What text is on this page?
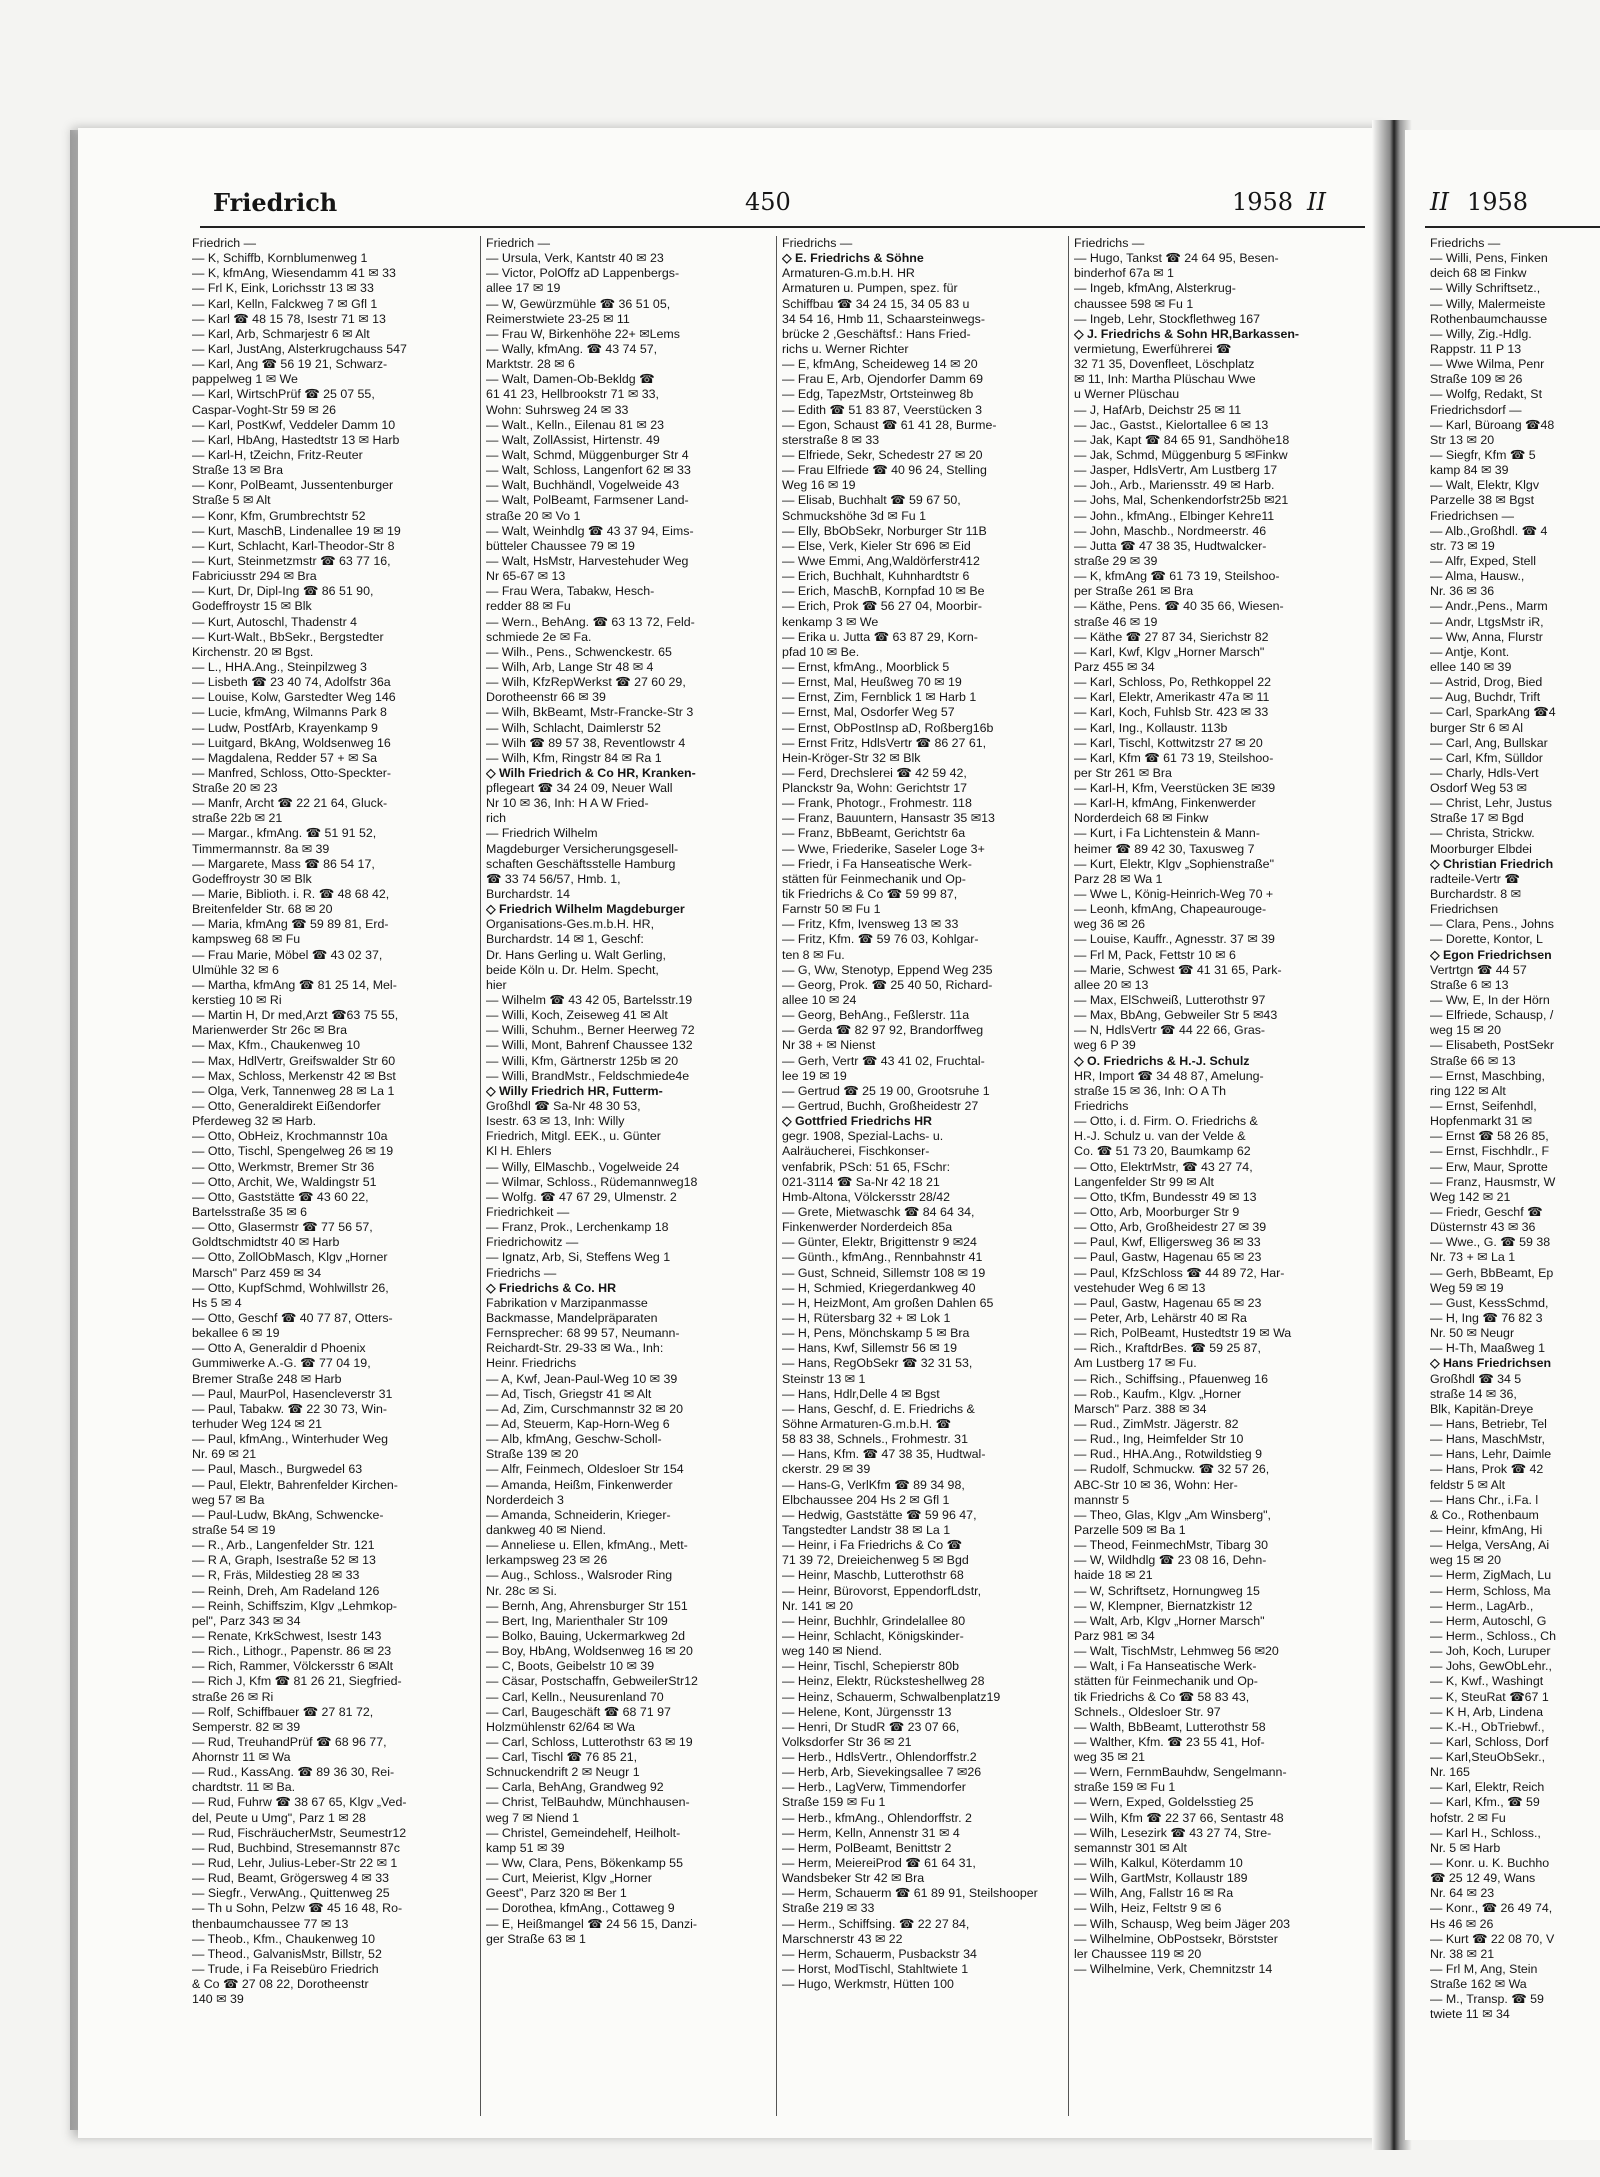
Friedrich	450	1958 II	II 1958
Friedrich —
— K, Schiffb, Kornblumenweg 1
— K, kfmAng, Wiesendamm 41 ✉ 33
— Frl K, Eink, Lorichsstr 13 ✉ 33
— Karl, Kelln, Falckweg 7 ✉ Gfl 1
— Karl ☎ 48 15 78, Isestr 71 ✉ 13
— Karl, Arb, Schmarjestr 6 ✉ Alt
— Karl, JustAng, Alsterkrugchauss 547
— Karl, Ang ☎ 56 19 21, Schwarz-
pappelweg 1 ✉ We
— Karl, WirtschPrüf ☎ 25 07 55,
Caspar-Voght-Str 59 ✉ 26
— Karl, PostKwf, Veddeler Damm 10
— Karl, HbAng, Hastedtstr 13 ✉ Harb
— Karl-H, tZeichn, Fritz-Reuter
Straße 13 ✉ Bra
— Konr, PolBeamt, Jussentenburger
Straße 5 ✉ Alt
— Konr, Kfm, Grumbrechtstr 52
— Kurt, MaschB, Lindenallee 19 ✉ 19
— Kurt, Schlacht, Karl-Theodor-Str 8
— Kurt, Steinmetzmstr ☎ 63 77 16,
Fabriciusstr 294 ✉ Bra
— Kurt, Dr, Dipl-Ing ☎ 86 51 90,
Godeffroystr 15 ✉ Blk
— Kurt, Autoschl, Thadenstr 4
— Kurt-Walt., BbSekr., Bergstedter
Kirchenstr. 20 ✉ Bgst.
— L., HHA.Ang., Steinpilzweg 3
— Lisbeth ☎ 23 40 74, Adolfstr 36a
— Louise, Kolw, Garstedter Weg 146
— Lucie, kfmAng, Wilmanns Park 8
— Ludw, PostfArb, Krayenkamp 9
— Luitgard, BkAng, Woldsenweg 16
— Magdalena, Redder 57 + ✉ Sa
— Manfred, Schloss, Otto-Speckter-
Straße 20 ✉ 23
— Manfr, Archt ☎ 22 21 64, Gluck-
straße 22b ✉ 21
— Margar., kfmAng. ☎ 51 91 52,
Timmermannstr. 8a ✉ 39
— Margarete, Mass ☎ 86 54 17,
Godeffroystr 30 ✉ Blk
— Marie, Biblioth. i. R. ☎ 48 68 42,
Breitenfelder Str. 68 ✉ 20
— Maria, kfmAng ☎ 59 89 81, Erd-
kampsweg 68 ✉ Fu
— Frau Marie, Möbel ☎ 43 02 37,
Ulmühle 32 ✉ 6
— Martha, kfmAng ☎ 81 25 14, Mel-
kerstieg 10 ✉ Ri
— Martin H, Dr med,Arzt ☎63 75 55,
Marienwerder Str 26c ✉ Bra
— Max, Kfm., Chaukenweg 10
— Max, HdlVertr, Greifswalder Str 60
— Max, Schloss, Merkenstr 42 ✉ Bst
— Olga, Verk, Tannenweg 28 ✉ La 1
— Otto, Generaldirekt Eißendorfer
Pferdeweg 32 ✉ Harb.
— Otto, ObHeiz, Krochmannstr 10a
— Otto, Tischl, Spengelweg 26 ✉ 19
— Otto, Werkmstr, Bremer Str 36
— Otto, Archit, We, Waldingstr 51
— Otto, Gaststätte ☎ 43 60 22,
Bartelsstraße 35 ✉ 6
— Otto, Glasermstr ☎ 77 56 57,
Goldtschmidtstr 40 ✉ Harb
— Otto, ZollObMasch, Klgv „Horner
Marsch" Parz 459 ✉ 34
— Otto, KupfSchmd, Wohlwillstr 26,
Hs 5 ✉ 4
— Otto, Geschf ☎ 40 77 87, Otters-
bekallee 6 ✉ 19
— Otto A, Generaldir d Phoenix
Gummiwerke A.-G. ☎ 77 04 19,
Bremer Straße 248 ✉ Harb
— Paul, MaurPol, Hasencleverstr 31
— Paul, Tabakw. ☎ 22 30 73, Win-
terhuder Weg 124 ✉ 21
— Paul, kfmAng., Winterhuder Weg
Nr. 69 ✉ 21
— Paul, Masch., Burgwedel 63
— Paul, Elektr, Bahrenfelder Kirchen-
weg 57 ✉ Ba
— Paul-Ludw, BkAng, Schwencke-
straße 54 ✉ 19
— R., Arb., Langenfelder Str. 121
— R A, Graph, Isestraße 52 ✉ 13
— R, Fräs, Mildestieg 28 ✉ 33
— Reinh, Dreh, Am Radeland 126
— Reinh, Schiffszim, Klgv „Lehmkop-
pel", Parz 343 ✉ 34
— Renate, KrkSchwest, Isestr 143
— Rich., Lithogr., Papenstr. 86 ✉ 23
— Rich, Rammer, Völckersstr 6 ✉Alt
— Rich J, Kfm ☎ 81 26 21, Siegfried-
straße 26 ✉ Ri
— Rolf, Schiffbauer ☎ 27 81 72,
Semperstr. 82 ✉ 39
— Rud, TreuhandPrüf ☎ 68 96 77,
Ahornstr 11 ✉ Wa
— Rud., KassAng. ☎ 89 36 30, Rei-
chardtstr. 11 ✉ Ba.
— Rud, Fuhrw ☎ 38 67 65, Klgv „Ved-
del, Peute u Umg", Parz 1 ✉ 28
— Rud, FischräucherMstr, Seumestr12
— Rud, Buchbind, Stresemannstr 87c
— Rud, Lehr, Julius-Leber-Str 22 ✉ 1
— Rud, Beamt, Grögersweg 4 ✉ 33
— Siegfr., VerwAng., Quittenweg 25
— Th u Sohn, Pelzw ☎ 45 16 48, Ro-
thenbaumchaussee 77 ✉ 13
— Theob., Kfm., Chaukenweg 10
— Theod., GalvanisMstr, Billstr, 52
— Trude, i Fa Reisebüro Friedrich
& Co ☎ 27 08 22, Dorotheenstr
140 ✉ 39
Friedrich —
— Ursula, Verk, Kantstr 40 ✉ 23
— Victor, PolOffz aD Lappenbergs-
allee 17 ✉ 19
— W, Gewürzmühle ☎ 36 51 05,
Reimerstwiete 23-25 ✉ 11
— Frau W, Birkenhöhe 22+ ✉Lems
— Wally, kfmAng. ☎ 43 74 57,
Marktstr. 28 ✉ 6
— Walt, Damen-Ob-Bekldg ☎
61 41 23, Hellbrookstr 71 ✉ 33,
Wohn: Suhrsweg 24 ✉ 33
— Walt., Kelln., Eilenau 81 ✉ 23
— Walt, ZollAssist, Hirtenstr. 49
— Walt, Schmd, Müggenburger Str 4
— Walt, Schloss, Langenfort 62 ✉ 33
— Walt, Buchhändl, Vogelweide 43
— Walt, PolBeamt, Farmsener Land-
straße 20 ✉ Vo 1
— Walt, Weinhdlg ☎ 43 37 94, Eims-
bütteler Chaussee 79 ✉ 19
— Walt, HsMstr, Harvestehuder Weg
Nr 65-67 ✉ 13
— Frau Wera, Tabakw, Hesch-
redder 88 ✉ Fu
— Wern., BehAng. ☎ 63 13 72, Feld-
schmiede 2e ✉ Fa.
— Wilh., Pens., Schwenckestr. 65
— Wilh, Arb, Lange Str 48 ✉ 4
— Wilh, KfzRepWerkst ☎ 27 60 29,
Dorotheenstr 66 ✉ 39
— Wilh, BkBeamt, Mstr-Francke-Str 3
— Wilh, Schlacht, Daimlerstr 52
— Wilh ☎ 89 57 38, Reventlowstr 4
— Wilh, Kfm, Ringstr 84 ✉ Ra 1
◇ Wilh Friedrich & Co HR, Kranken-
pflegeart ☎ 34 24 09, Neuer Wall
Nr 10 ✉ 36, Inh: H A W Fried-
rich
— Friedrich Wilhelm
Magdeburger Versicherungsgesell-
schaften Geschäftsstelle Hamburg
☎ 33 74 56/57, Hmb. 1,
Burchardstr. 14
◇ Friedrich Wilhelm Magdeburger
Organisations-Ges.m.b.H. HR,
Burchardstr. 14 ✉ 1, Geschf:
Dr. Hans Gerling u. Walt Gerling,
beide Köln u. Dr. Helm. Specht,
hier
— Wilhelm ☎ 43 42 05, Bartelsstr.19
— Willi, Koch, Zeiseweg 41 ✉ Alt
— Willi, Schuhm., Berner Heerweg 72
— Willi, Mont, Bahrenf Chaussee 132
— Willi, Kfm, Gärtnerstr 125b ✉ 20
— Willi, BrandMstr., Feldschmiede4e
◇ Willy Friedrich HR, Futterm-
Großhdl ☎ Sa-Nr 48 30 53,
Isestr. 63 ✉ 13, Inh: Willy
Friedrich, Mitgl. EEK., u. Günter
Kl H. Ehlers
— Willy, ElMaschb., Vogelweide 24
— Wilmar, Schloss., Rüdemannweg18
— Wolfg. ☎ 47 67 29, Ulmenstr. 2
Friedrichkeit —
— Franz, Prok., Lerchenkamp 18
Friedrichowitz —
— Ignatz, Arb, Si, Steffens Weg 1
Friedrichs —
◇ Friedrichs & Co. HR
Fabrikation v Marzipanmasse
Backmasse, Mandelpräparaten
Fernsprecher: 68 99 57, Neumann-
Reichardt-Str. 29-33 ✉ Wa., Inh:
Heinr. Friedrichs
— A, Kwf, Jean-Paul-Weg 10 ✉ 39
— Ad, Tisch, Griegstr 41 ✉ Alt
— Ad, Zim, Curschmannstr 32 ✉ 20
— Ad, Steuerm, Kap-Horn-Weg 6
— Alb, kfmAng, Geschw-Scholl-
Straße 139 ✉ 20
— Alfr, Feinmech, Oldesloer Str 154
— Amanda, Heißm, Finkenwerder
Norderdeich 3
— Amanda, Schneiderin, Krieger-
dankweg 40 ✉ Niend.
— Anneliese u. Ellen, kfmAng., Mett-
lerkampsweg 23 ✉ 26
— Aug., Schloss., Walsroder Ring
Nr. 28c ✉ Si.
— Bernh, Ang, Ahrensburger Str 151
— Bert, Ing, Marienthaler Str 109
— Bolko, Bauing, Uckermarkweg 2d
— Boy, HbAng, Woldsenweg 16 ✉ 20
— C, Boots, Geibelstr 10 ✉ 39
— Cäsar, Postschaffn, GebweilerStr12
— Carl, Kelln., Neusurenland 70
— Carl, Baugeschäft ☎ 68 71 97
Holzmühlenstr 62/64 ✉ Wa
— Carl, Schloss, Lutterothstr 63 ✉ 19
— Carl, Tischl ☎ 76 85 21,
Schnuckendrift 2 ✉ Neugr 1
— Carla, BehAng, Grandweg 92
— Christ, TelBauhdw, Münchhausen-
weg 7 ✉ Niend 1
— Christel, Gemeindehelf, Heilholt-
kamp 51 ✉ 39
— Ww, Clara, Pens, Bökenkamp 55
— Curt, Meierist, Klgv „Horner
Geest", Parz 320 ✉ Ber 1
— Dorothea, kfmAng., Cottaweg 9
— E, Heißmangel ☎ 24 56 15, Danzi-
ger Straße 63 ✉ 1
Friedrichs —
◇ E. Friedrichs & Söhne
Armaturen-G.m.b.H. HR
Armaturen u. Pumpen, spez. für
Schiffbau ☎ 34 24 15, 34 05 83 u
34 54 16, Hmb 11, Schaarsteinwegs-
brücke 2 ,Geschäftsf.: Hans Fried-
richs u. Werner Richter
— E, kfmAng, Scheideweg 14 ✉ 20
— Frau E, Arb, Ojendorfer Damm 69
— Edg, TapezMstr, Ortsteinweg 8b
— Edith ☎ 51 83 87, Veerstücken 3
— Egon, Schaust ☎ 61 41 28, Burme-
sterstraße 8 ✉ 33
— Elfriede, Sekr, Schedestr 27 ✉ 20
— Frau Elfriede ☎ 40 96 24, Stelling
Weg 16 ✉ 19
— Elisab, Buchhalt ☎ 59 67 50,
Schmuckshöhe 3d ✉ Fu 1
— Elly, BbObSekr, Norburger Str 11B
— Else, Verk, Kieler Str 696 ✉ Eid
— Wwe Emmi, Ang,Waldörferstr412
— Erich, Buchhalt, Kuhnhardtstr 6
— Erich, MaschB, Kornpfad 10 ✉ Be
— Erich, Prok ☎ 56 27 04, Moorbir-
kenkamp 3 ✉ We
— Erika u. Jutta ☎ 63 87 29, Korn-
pfad 10 ✉ Be.
— Ernst, kfmAng., Moorblick 5
— Ernst, Mal, Heußweg 70 ✉ 19
— Ernst, Zim, Fernblick 1 ✉ Harb 1
— Ernst, Mal, Osdorfer Weg 57
— Ernst, ObPostInsp aD, Roßberg16b
— Ernst Fritz, HdlsVertr ☎ 86 27 61,
Hein-Kröger-Str 32 ✉ Blk
— Ferd, Drechslerei ☎ 42 59 42,
Planckstr 9a, Wohn: Gerichtstr 17
— Frank, Photogr., Frohmestr. 118
— Franz, Bauuntern, Hansastr 35 ✉13
— Franz, BbBeamt, Gerichtstr 6a
— Wwe, Friederike, Saseler Loge 3+
— Friedr, i Fa Hanseatische Werk-
stätten für Feinmechanik und Op-
tik Friedrichs & Co ☎ 59 99 87,
Farnstr 50 ✉ Fu 1
— Fritz, Kfm, Ivensweg 13 ✉ 33
— Fritz, Kfm. ☎ 59 76 03, Kohlgar-
ten 8 ✉ Fu.
— G, Ww, Stenotyp, Eppend Weg 235
— Georg, Prok. ☎ 25 40 50, Richard-
allee 10 ✉ 24
— Georg, BehAng., Feßlerstr. 11a
— Gerda ☎ 82 97 92, Brandorffweg
Nr 38 + ✉ Nienst
— Gerh, Vertr ☎ 43 41 02, Fruchtal-
lee 19 ✉ 19
— Gertrud ☎ 25 19 00, Grootsruhe 1
— Gertrud, Buchh, Großheidestr 27
◇ Gottfried Friedrichs HR
gegr. 1908, Spezial-Lachs- u.
Aalräucherei, Fischkonser-
venfabrik, PSch: 51 65, FSchr:
021-3114 ☎ Sa-Nr 42 18 21
Hmb-Altona, Völckersstr 28/42
— Grete, Mietwaschk ☎ 84 64 34,
Finkenwerder Norderdeich 85a
— Günter, Elektr, Brigittenstr 9 ✉24
— Günth., kfmAng., Rennbahnstr 41
— Gust, Schneid, Sillemstr 108 ✉ 19
— H, Schmied, Kriegerdankweg 40
— H, HeizMont, Am großen Dahlen 65
— H, Rütersbarg 32 + ✉ Lok 1
— H, Pens, Mönchskamp 5 ✉ Bra
— Hans, Kwf, Sillemstr 56 ✉ 19
— Hans, RegObSekr ☎ 32 31 53,
Steinstr 13 ✉ 1
— Hans, Hdlr,Delle 4 ✉ Bgst
— Hans, Geschf, d. E. Friedrichs &
Söhne Armaturen-G.m.b.H. ☎
58 83 38, Schnels., Frohmestr. 31
— Hans, Kfm. ☎ 47 38 35, Hudtwal-
ckerstr. 29 ✉ 39
— Hans-G, VerlKfm ☎ 89 34 98,
Elbchaussee 204 Hs 2 ✉ Gfl 1
— Hedwig, Gaststätte ☎ 59 96 47,
Tangstedter Landstr 38 ✉ La 1
— Heinr, i Fa Friedrichs & Co ☎
71 39 72, Dreieichenweg 5 ✉ Bgd
— Heinr, Maschb, Lutterothstr 68
— Heinr, Bürovorst, EppendorfLdstr,
Nr. 141 ✉ 20
— Heinr, Buchhlr, Grindelallee 80
— Heinr, Schlacht, Königskinder-
weg 140 ✉ Niend.
— Heinr, Tischl, Schepierstr 80b
— Heinz, Elektr, Rücksteshellweg 28
— Heinz, Schauerm, Schwalbenplatz19
— Helene, Kont, Jürgensstr 13
— Henri, Dr StudR ☎ 23 07 66,
Volksdorfer Str 36 ✉ 21
— Herb., HdlsVertr., Ohlendorffstr.2
— Herb, Arb, Sievekingsallee 7 ✉26
— Herb., LagVerw, Timmendorfer
Straße 159 ✉ Fu 1
— Herb., kfmAng., Ohlendorffstr. 2
— Herm, Kelln, Annenstr 31 ✉ 4
— Herm, PolBeamt, Benittstr 2
— Herm, MeiereiProd ☎ 61 64 31,
Wandsbeker Str 42 ✉ Bra
— Herm, Schauerm ☎ 61 89 91, Steilshooper
Straße 219 ✉ 33
— Herm., Schiffsing. ☎ 22 27 84,
Marschnerstr 43 ✉ 22
— Herm, Schauerm, Pusbackstr 34
— Horst, ModTischl, Stahltwiete 1
— Hugo, Werkmstr, Hütten 100
Friedrichs —
— Hugo, Tankst ☎ 24 64 95, Besen-
binderhof 67a ✉ 1
— Ingeb, kfmAng, Alsterkrug-
chaussee 598 ✉ Fu 1
— Ingeb, Lehr, Stockflethweg 167
◇ J. Friedrichs & Sohn HR,Barkassen-
vermietung, Ewerführerei ☎
32 71 35, Dovenfleet, Löschplatz
✉ 11, Inh: Martha Plüschau Wwe
u Werner Plüschau
— J, HafArb, Deichstr 25 ✉ 11
— Jac., Gastst., Kielortallee 6 ✉ 13
— Jak, Kapt ☎ 84 65 91, Sandhöhe18
— Jak, Schmd, Müggenburg 5 ✉Finkw
— Jasper, HdlsVertr, Am Lustberg 17
— Joh., Arb., Mariensstr. 49 ✉ Harb.
— Johs, Mal, Schenkendorfstr25b ✉21
— John., kfmAng., Elbinger Kehre11
— John, Maschb., Nordmeerstr. 46
— Jutta ☎ 47 38 35, Hudtwalcker-
straße 29 ✉ 39
— K, kfmAng ☎ 61 73 19, Steilshoo-
per Straße 261 ✉ Bra
— Käthe, Pens. ☎ 40 35 66, Wiesen-
straße 46 ✉ 19
— Käthe ☎ 27 87 34, Sierichstr 82
— Karl, Kwf, Klgv „Horner Marsch"
Parz 455 ✉ 34
— Karl, Schloss, Po, Rethkoppel 22
— Karl, Elektr, Amerikastr 47a ✉ 11
— Karl, Koch, Fuhlsb Str. 423 ✉ 33
— Karl, Ing., Kollaustr. 113b
— Karl, Tischl, Kottwitzstr 27 ✉ 20
— Karl, Kfm ☎ 61 73 19, Steilshoo-
per Str 261 ✉ Bra
— Karl-H, Kfm, Veerstücken 3E ✉39
— Karl-H, kfmAng, Finkenwerder
Norderdeich 68 ✉ Finkw
— Kurt, i Fa Lichtenstein & Mann-
heimer ☎ 89 42 30, Taxusweg 7
— Kurt, Elektr, Klgv „Sophienstraße"
Parz 28 ✉ Wa 1
— Wwe L, König-Heinrich-Weg 70 +
— Leonh, kfmAng, Chapeaurouge-
weg 36 ✉ 26
— Louise, Kauffr., Agnesstr. 37 ✉ 39
— Frl M, Pack, Fettstr 10 ✉ 6
— Marie, Schwest ☎ 41 31 65, Park-
allee 20 ✉ 13
— Max, ElSchweiß, Lutterothstr 97
— Max, BbAng, Gebweiler Str 5 ✉43
— N, HdlsVertr ☎ 44 22 66, Gras-
weg 6 P 39
◇ O. Friedrichs & H.-J. Schulz
HR, Import ☎ 34 48 87, Amelung-
straße 15 ✉ 36, Inh: O A Th
Friedrichs
— Otto, i. d. Firm. O. Friedrichs &
H.-J. Schulz u. van der Velde &
Co. ☎ 51 73 20, Baumkamp 62
— Otto, ElektrMstr, ☎ 43 27 74,
Langenfelder Str 99 ✉ Alt
— Otto, tKfm, Bundesstr 49 ✉ 13
— Otto, Arb, Moorburger Str 9
— Otto, Arb, Großheidestr 27 ✉ 39
— Paul, Kwf, Elligersweg 36 ✉ 33
— Paul, Gastw, Hagenau 65 ✉ 23
— Paul, KfzSchloss ☎ 44 89 72, Har-
vestehuder Weg 6 ✉ 13
— Paul, Gastw, Hagenau 65 ✉ 23
— Peter, Arb, Lehärstr 40 ✉ Ra
— Rich, PolBeamt, Hustedtstr 19 ✉ Wa
— Rich., KraftdrBes. ☎ 59 25 87,
Am Lustberg 17 ✉ Fu.
— Rich., Schiffsing., Pfauenweg 16
— Rob., Kaufm., Klgv. „Horner
Marsch" Parz. 388 ✉ 34
— Rud., ZimMstr. Jägerstr. 82
— Rud., Ing, Heimfelder Str 10
— Rud., HHA.Ang., Rotwildstieg 9
— Rudolf, Schmuckw. ☎ 32 57 26,
ABC-Str 10 ✉ 36, Wohn: Her-
mannstr 5
— Theo, Glas, Klgv „Am Winsberg",
Parzelle 509 ✉ Ba 1
— Theod, FeinmechMstr, Tibarg 30
— W, Wildhdlg ☎ 23 08 16, Dehn-
haide 18 ✉ 21
— W, Schriftsetz, Hornungweg 15
— W, Klempner, Biernatzkistr 12
— Walt, Arb, Klgv „Horner Marsch"
Parz 981 ✉ 34
— Walt, TischMstr, Lehmweg 56 ✉20
— Walt, i Fa Hanseatische Werk-
stätten für Feinmechanik und Op-
tik Friedrichs & Co ☎ 58 83 43,
Schnels., Oldesloer Str. 97
— Walth, BbBeamt, Lutterothstr 58
— Walther, Kfm. ☎ 23 55 41, Hof-
weg 35 ✉ 21
— Wern, FernmBauhdw, Sengelmann-
straße 159 ✉ Fu 1
— Wern, Exped, Goldelsstieg 25
— Wilh, Kfm ☎ 22 37 66, Sentastr 48
— Wilh, Lesezirk ☎ 43 27 74, Stre-
semannstr 301 ✉ Alt
— Wilh, Kalkul, Köterdamm 10
— Wilh, GartMstr, Kollaustr 189
— Wilh, Ang, Fallstr 16 ✉ Ra
— Wilh, Heiz, Feltstr 9 ✉ 6
— Wilh, Schausp, Weg beim Jäger 203
— Wilhelmine, ObPostsekr, Börstster
ler Chaussee 119 ✉ 20
— Wilhelmine, Verk, Chemnitzstr 14
Friedrichs —
— Willi, Pens, Finken
deich 68 ✉ Finkw
— Willy Schriftsetz.,
— Willy, Malermeiste
Rothenbaumchausse
— Willy, Zig.-Hdlg.
Rappstr. 11 P 13
— Wwe Wilma, Penr
Straße 109 ✉ 26
— Wolfg, Redakt, St
Friedrichsdorf —
— Karl, Büroang ☎48
Str 13 ✉ 20
— Siegfr, Kfm ☎ 5
kamp 84 ✉ 39
— Walt, Elektr, Klgv
Parzelle 38 ✉ Bgst
Friedrichsen —
— Alb.,Großhdl. ☎ 4
str. 73 ✉ 19
— Alfr, Exped, Stell
— Alma, Hausw.,
Nr. 36 ✉ 36
— Andr.,Pens., Marm
— Andr, LtgsMstr iR,
— Ww, Anna, Flurstr
— Antje, Kont.
ellee 140 ✉ 39
— Astrid, Drog, Bied
— Aug, Buchdr, Trift
— Carl, SparkAng ☎4
burger Str 6 ✉ Al
— Carl, Ang, Bullskar
— Carl, Kfm, Sülldor
— Charly, Hdls-Vert
Osdorf Weg 53 ✉
— Christ, Lehr, Justus
Straße 17 ✉ Bgd
— Christa, Strickw.
Moorburger Elbdei
◇ Christian Friedrich
radteile-Vertr ☎
Burchardstr. 8 ✉
Friedrichsen
— Clara, Pens., Johns
— Dorette, Kontor, L
◇ Egon Friedrichsen
Vertrtgn ☎ 44 57
Straße 6 ✉ 13
— Ww, E, In der Hörn
— Elfriede, Schausp, /
weg 15 ✉ 20
— Elisabeth, PostSekr
Straße 66 ✉ 13
— Ernst, Maschbing,
ring 122 ✉ Alt
— Ernst, Seifenhdl,
Hopfenmarkt 31 ✉
— Ernst ☎ 58 26 85,
— Ernst, Fischhdlr., F
— Erw, Maur, Sprotte
— Franz, Hausmstr, W
Weg 142 ✉ 21
— Friedr, Geschf ☎
Düsternstr 43 ✉ 36
— Wwe., G. ☎ 59 38
Nr. 73 + ✉ La 1
— Gerh, BbBeamt, Ep
Weg 59 ✉ 19
— Gust, KessSchmd,
— H, Ing ☎ 76 82 3
Nr. 50 ✉ Neugr
— H-Th, Maaßweg 1
◇ Hans Friedrichsen
Großhdl ☎ 34 5
straße 14 ✉ 36,
Blk, Kapitän-Dreye
— Hans, Betriebr, Tel
— Hans, MaschMstr,
— Hans, Lehr, Daimle
— Hans, Prok ☎ 42
feldstr 5 ✉ Alt
— Hans Chr., i.Fa. l
& Co., Rothenbaum
— Heinr, kfmAng, Hi
— Helga, VersAng, Ai
weg 15 ✉ 20
— Herm, ZigMach, Lu
— Herm, Schloss, Ma
— Herm., LagArb.,
— Herm, Autoschl, G
— Herm., Schloss., Ch
— Joh, Koch, Luruper
— Johs, GewObLehr.,
— K, Kwf., Washingt
— K, SteuRat ☎67 1
— K H, Arb, Lindena
— K.-H., ObTriebwf.,
— Karl, Schloss, Dorf
— Karl,SteuObSekr.,
Nr. 165
— Karl, Elektr, Reich
— Karl, Kfm., ☎ 59
hofstr. 2 ✉ Fu
— Karl H., Schloss.,
Nr. 5 ✉ Harb
— Konr. u. K. Buchho
☎ 25 12 49, Wans
Nr. 64 ✉ 23
— Konr., ☎ 26 49 74,
Hs 46 ✉ 26
— Kurt ☎ 22 08 70, V
Nr. 38 ✉ 21
— Frl M, Ang, Stein
Straße 162 ✉ Wa
— M., Transp. ☎ 59
twiete 11 ✉ 34
